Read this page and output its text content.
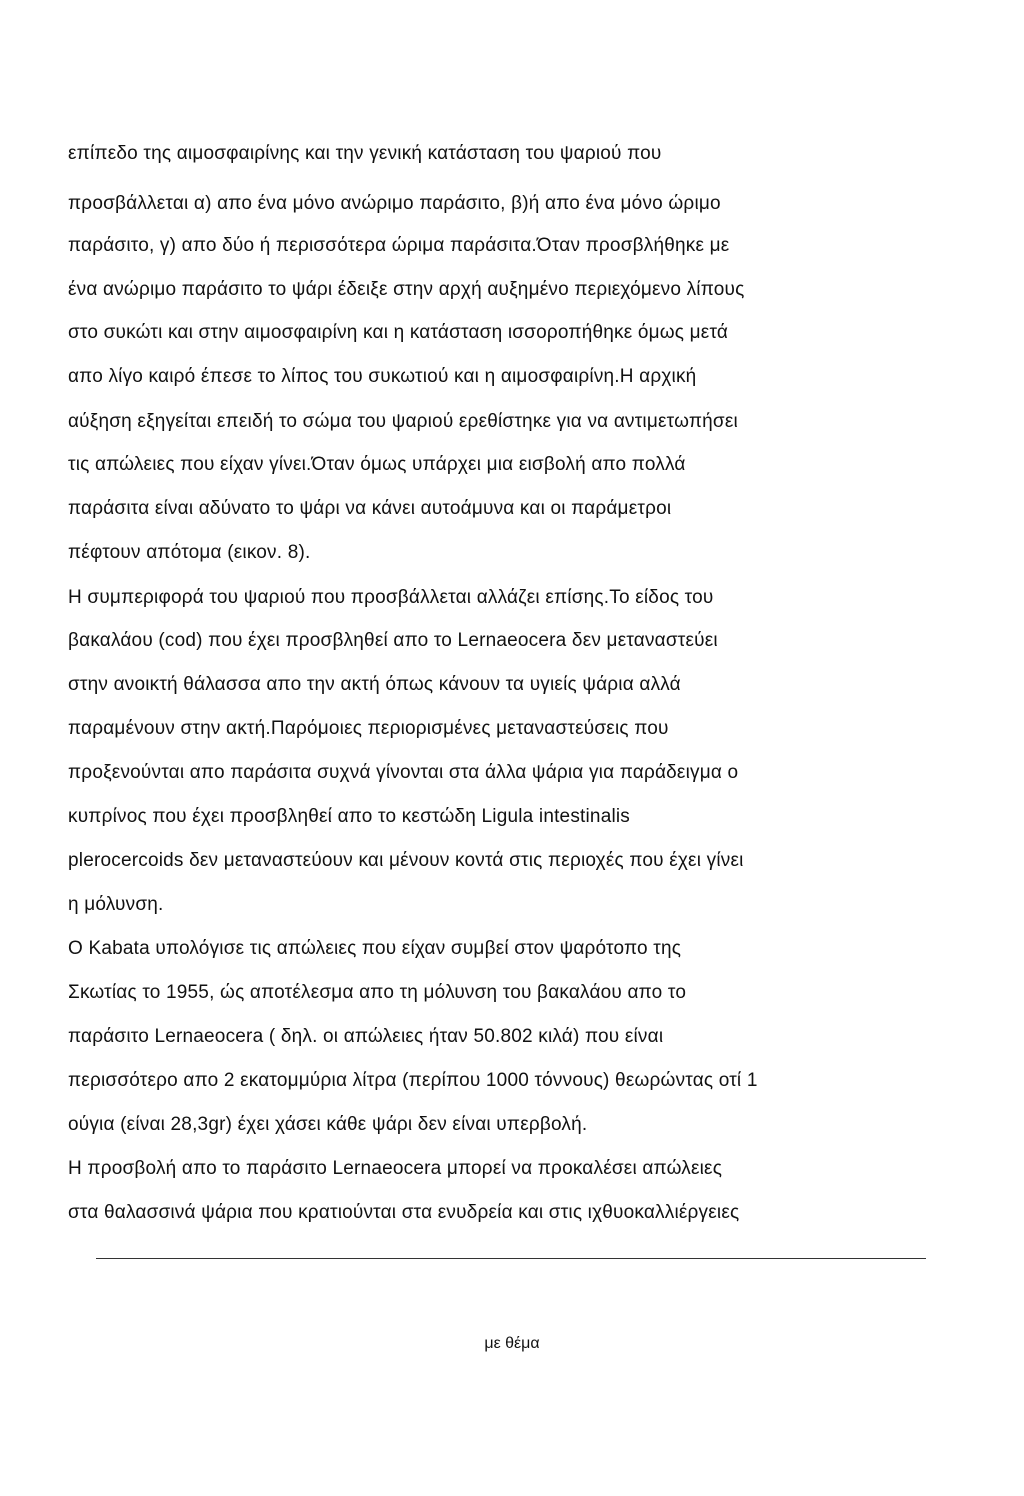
επίπεδο της αιμοσφαιρίνης και την γενική κατάσταση του ψαριού που
προσβάλλεται α) απο ένα μόνο ανώριμο παράσιτο, β)ή απο ένα μόνο ώριμο
παράσιτο, γ) απο δύο ή περισσότερα ώριμα παράσιτα.Όταν προσβλήθηκε με
ένα ανώριμο παράσιτο το ψάρι έδειξε στην αρχή αυξημένο περιεχόμενο λίπους
στο συκώτι και στην αιμοσφαιρίνη και η κατάσταση ισσοροπήθηκε όμως μετά
απο λίγο καιρό έπεσε το λίπος του συκωτιού και η αιμοσφαιρίνη.Η αρχική
αύξηση εξηγείται επειδή το σώμα του ψαριού ερεθίστηκε για να αντιμετωπήσει
τις απώλειες που είχαν γίνει.Όταν όμως υπάρχει μια εισβολή απο πολλά
παράσιτα είναι αδύνατο το ψάρι να κάνει αυτοάμυνα και οι παράμετροι
πέφτουν απότομα (εικον. 8).
Η συμπεριφορά του ψαριού που προσβάλλεται αλλάζει επίσης.Το είδος του
βακαλάου (cod) που έχει προσβληθεί απο το Lernaeocera δεν μεταναστεύει
στην ανοικτή θάλασσα απο την ακτή όπως κάνουν τα υγιείς ψάρια αλλά
παραμένουν στην ακτή.Παρόμοιες περιορισμένες μεταναστεύσεις που
προξενούνται απο παράσιτα συχνά γίνονται στα άλλα ψάρια για παράδειγμα ο
κυπρίνος που έχει προσβληθεί απο το κεστώδη Ligula intestinalis
plerocercoids δεν μεταναστεύουν και μένουν κοντά στις περιοχές που έχει γίνει
η μόλυνση.
Ο Kabata υπολόγισε τις απώλειες που είχαν συμβεί στον ψαρότοπο της
Σκωτίας το 1955, ώς αποτέλεσμα απο τη μόλυνση του βακαλάου απο το
παράσιτο Lernaeocera ( δηλ. οι απώλειες ήταν 50.802 κιλά) που είναι
περισσότερο απο 2 εκατομμύρια λίτρα (περίπου 1000 τόννους) θεωρώντας οτί 1
ούγια (είναι 28,3gr) έχει χάσει κάθε ψάρι δεν είναι υπερβολή.
Η προσβολή απο το παράσιτο Lernaeocera μπορεί να προκαλέσει απώλειες
στα θαλασσινά ψάρια που κρατιούνται στα ενυδρεία και στις ιχθυοκαλλιέργειες
με θέμα
